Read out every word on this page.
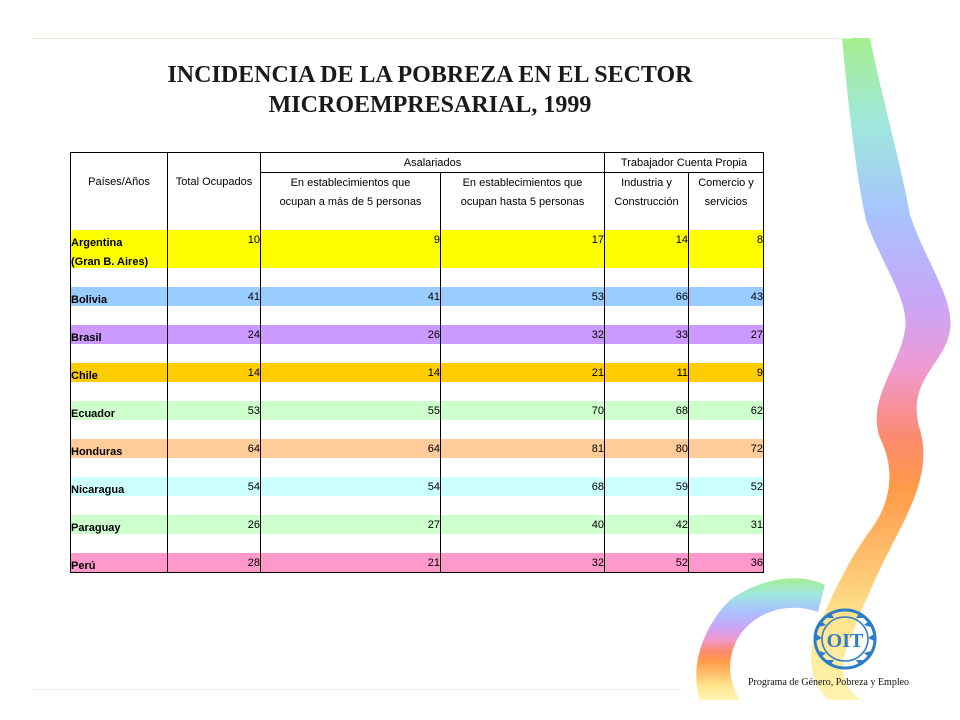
INCIDENCIA DE LA POBREZA EN EL SECTOR
MICROEMPRESARIAL, 1999
		Asalariados		Trabajador Cuenta Propia	
Países/Años	Total Ocupados	En establecimientos que	En establecimientos que	Industria y	Comercio y
		ocupan a más de 5 personas	ocupan hasta 5 personas	Construcción	servicios

Argentina	10	9	17	14	8
(Gran B. Aires)					

Bolivia	41	41	53	66	43

Brasil	24	26	32	33	27

Chile	14	14	21	11	9

Ecuador	53	55	70	68	62

Honduras	64	64	81	80	72

Nicaragua	54	54	68	59	52

Paraguay	26	27	40	42	31

Perú	28	21	32	52	36
OIT
Programa de Género, Pobreza y Empleo
